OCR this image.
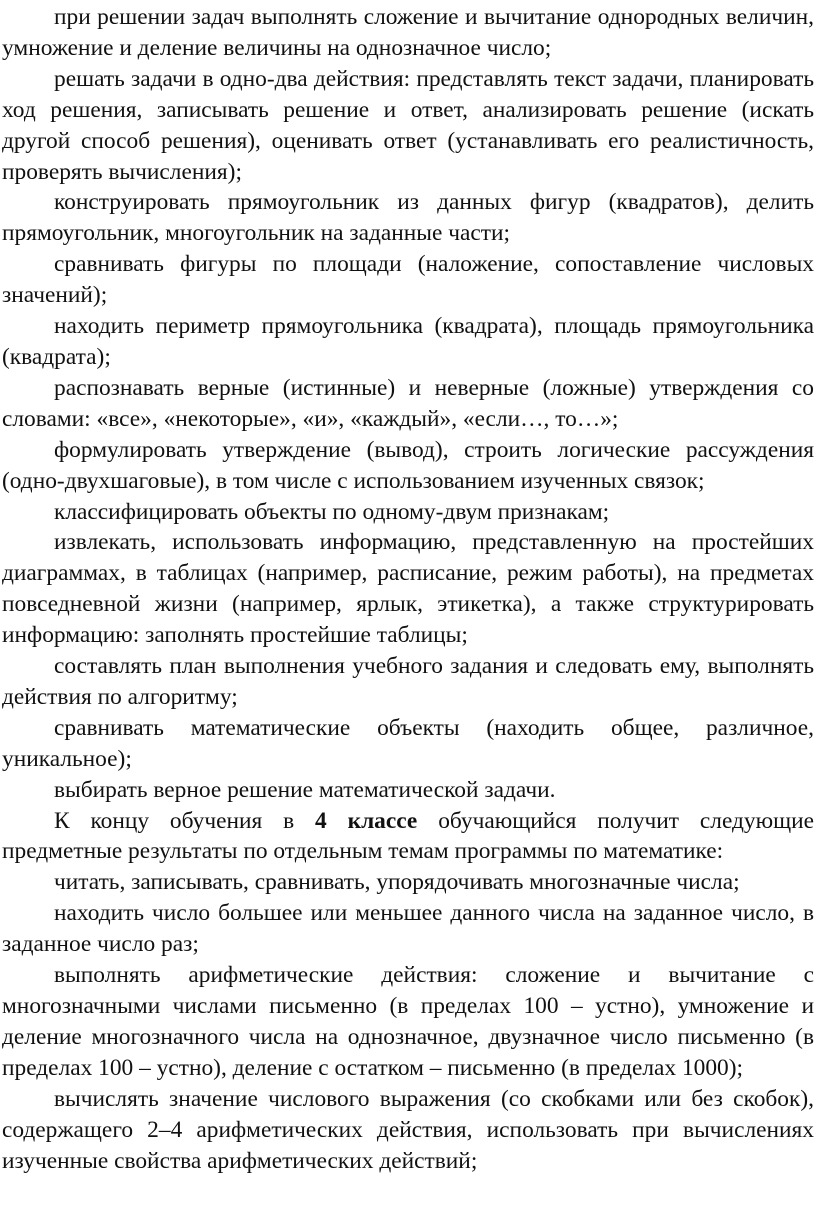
при решении задач выполнять сложение и вычитание однородных величин, умножение и деление величины на однозначное число;

решать задачи в одно-два действия: представлять текст задачи, планировать ход решения, записывать решение и ответ, анализировать решение (искать другой способ решения), оценивать ответ (устанавливать его реалистичность, проверять вычисления);

конструировать прямоугольник из данных фигур (квадратов), делить прямоугольник, многоугольник на заданные части;

сравнивать фигуры по площади (наложение, сопоставление числовых значений);

находить периметр прямоугольника (квадрата), площадь прямоугольника (квадрата);

распознавать верные (истинные) и неверные (ложные) утверждения со словами: «все», «некоторые», «и», «каждый», «если…, то…»;

формулировать утверждение (вывод), строить логические рассуждения (одно-двухшаговые), в том числе с использованием изученных связок;

классифицировать объекты по одному-двум признакам;

извлекать, использовать информацию, представленную на простейших диаграммах, в таблицах (например, расписание, режим работы), на предметах повседневной жизни (например, ярлык, этикетка), а также структурировать информацию: заполнять простейшие таблицы;

составлять план выполнения учебного задания и следовать ему, выполнять действия по алгоритму;

сравнивать математические объекты (находить общее, различное, уникальное);

выбирать верное решение математической задачи.

К концу обучения в 4 классе обучающийся получит следующие предметные результаты по отдельным темам программы по математике:

читать, записывать, сравнивать, упорядочивать многозначные числа;

находить число большее или меньшее данного числа на заданное число, в заданное число раз;

выполнять арифметические действия: сложение и вычитание с многозначными числами письменно (в пределах 100 – устно), умножение и деление многозначного числа на однозначное, двузначное число письменно (в пределах 100 – устно), деление с остатком – письменно (в пределах 1000);

вычислять значение числового выражения (со скобками или без скобок), содержащего 2–4 арифметических действия, использовать при вычислениях изученные свойства арифметических действий;
